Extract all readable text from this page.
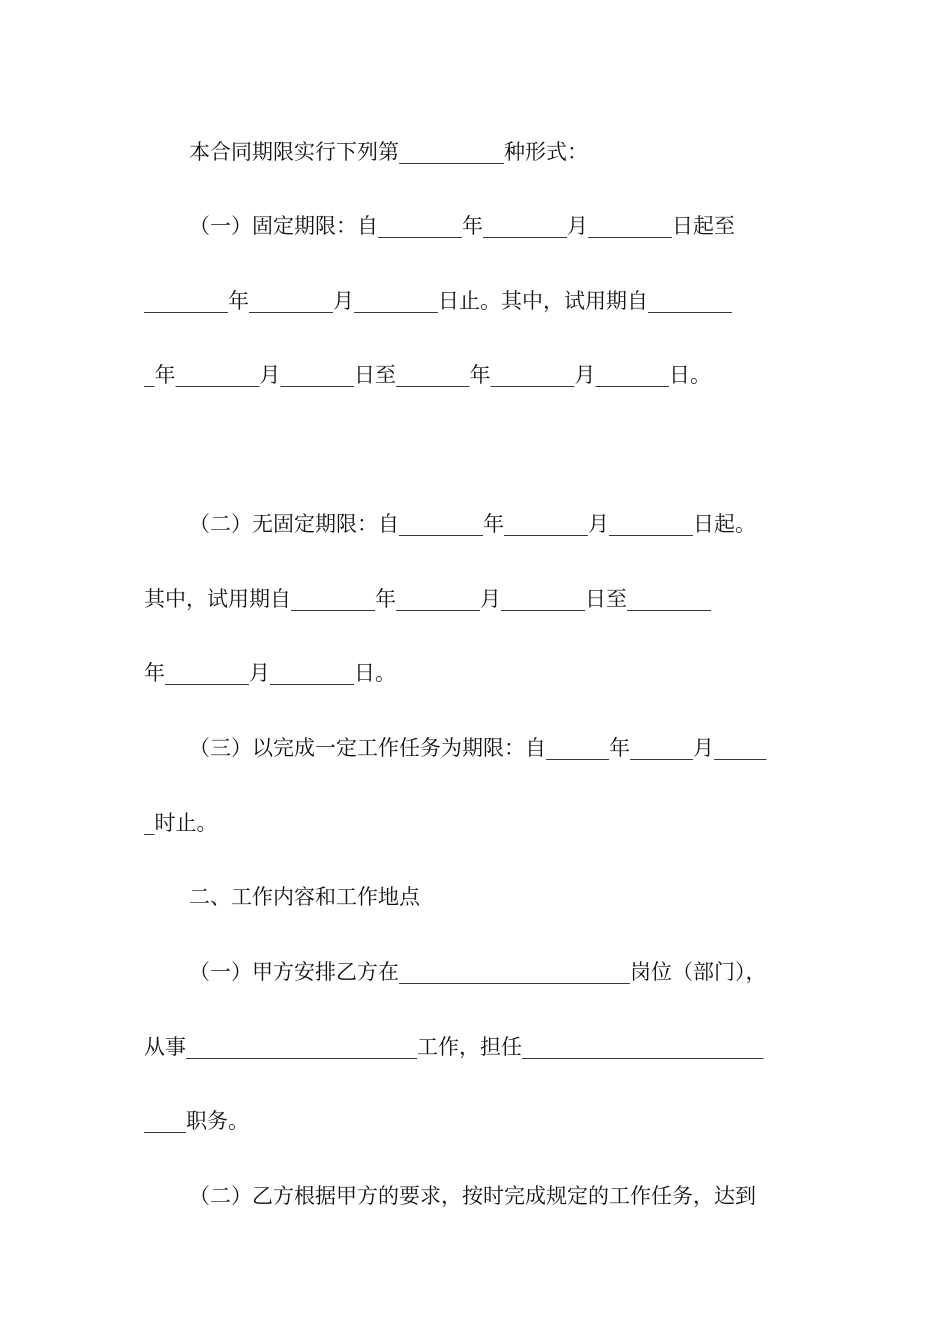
本合同期限实行下列第__________种形式：
（一）固定期限：自________年________月________日起至
________年________月________日止。其中，试用期自________
_年________月_______日至_______年________月_______日。
（二）无固定期限：自________年________月________日起。
其中，试用期自________年________月________日至________
年________月________日。
（三）以完成一定工作任务为期限：自______年______月_____
_时止。
二、工作内容和工作地点
（一）甲方安排乙方在______________________岗位（部门），
从事______________________工作，担任_______________________
____职务。
（二）乙方根据甲方的要求，按时完成规定的工作任务，达到
